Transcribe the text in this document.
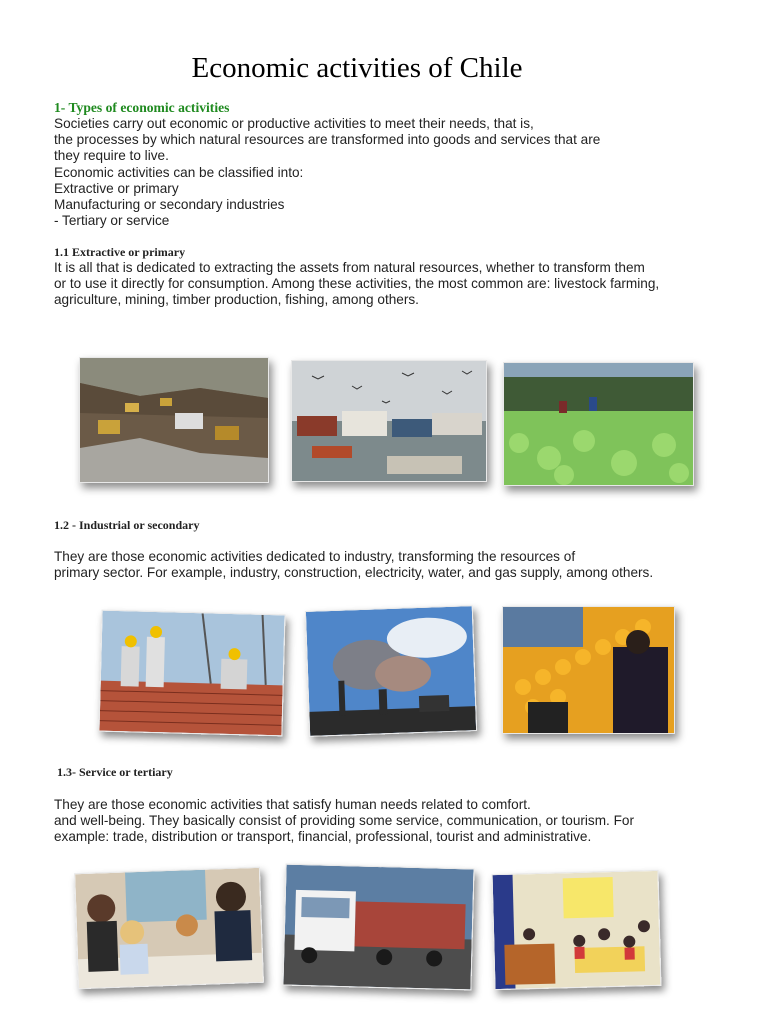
Economic activities of Chile
1- Types of economic activities
Societies carry out economic or productive activities to meet their needs, that is,
the processes by which natural resources are transformed into goods and services that are
they require to live.
Economic activities can be classified into:
Extractive or primary
Manufacturing or secondary industries
- Tertiary or service
1.1 Extractive or primary
It is all that is dedicated to extracting the assets from natural resources, whether to transform them
or to use it directly for consumption. Among these activities, the most common are: livestock farming,
agriculture, mining, timber production, fishing, among others.
1.2 - Industrial or secondary
They are those economic activities dedicated to industry, transforming the resources of
primary sector. For example, industry, construction, electricity, water, and gas supply, among others.
1.3- Service or tertiary
They are those economic activities that satisfy human needs related to comfort.
and well-being. They basically consist of providing some service, communication, or tourism. For
example: trade, distribution or transport, financial, professional, tourist and administrative.
